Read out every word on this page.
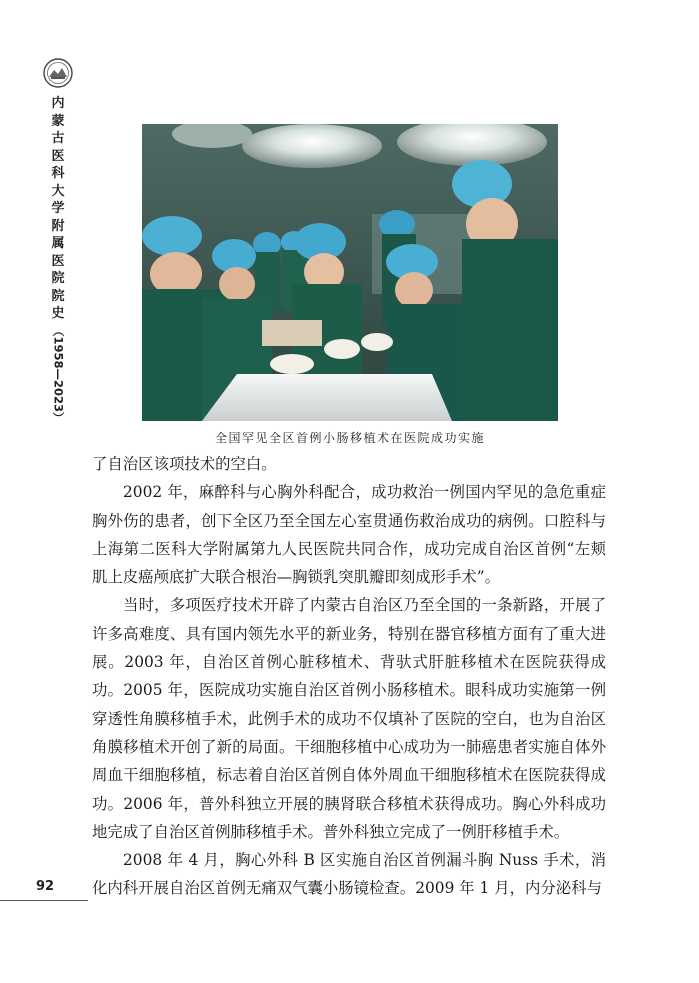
内
蒙
古
医
科
大
学
附
属
医
院
院
史
（1958—2023）
全国罕见全区首例小肠移植术在医院成功实施

了自治区该项技术的空白。

2002 年，麻醉科与心胸外科配合，成功救治一例国内罕见的急危重症胸外伤的患者，创下全区乃至全国左心室贯通伤救治成功的病例。口腔科与上海第二医科大学附属第九人民医院共同合作，成功完成自治区首例“左颊肌上皮癌颅底扩大联合根治—胸锁乳突肌瓣即刻成形手术”。

当时，多项医疗技术开辟了内蒙古自治区乃至全国的一条新路，开展了许多高难度、具有国内领先水平的新业务，特别在器官移植方面有了重大进展。2003 年，自治区首例心脏移植术、背驮式肝脏移植术在医院获得成功。2005 年，医院成功实施自治区首例小肠移植术。眼科成功实施第一例穿透性角膜移植手术，此例手术的成功不仅填补了医院的空白，也为自治区角膜移植术开创了新的局面。干细胞移植中心成功为一肺癌患者实施自体外周血干细胞移植，标志着自治区首例自体外周血干细胞移植术在医院获得成功。2006 年，普外科独立开展的胰肾联合移植术获得成功。胸心外科成功地完成了自治区首例肺移植手术。普外科独立完成了一例肝移植手术。

2008 年 4 月，胸心外科 B 区实施自治区首例漏斗胸 Nuss 手术，消化内科开展自治区首例无痛双气囊小肠镜检查。2009 年 1 月，内分泌科与

92
